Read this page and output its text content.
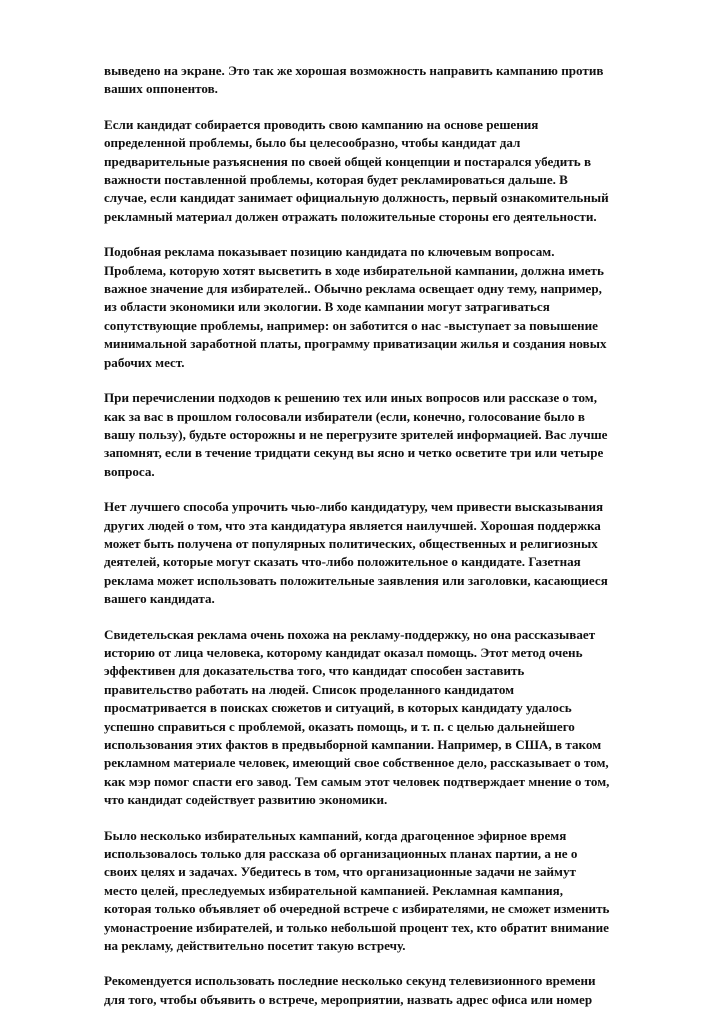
выведено на экране. Это так же хорошая возможность направить кампанию против
ваших оппонентов.
Если кандидат собирается проводить свою кампанию на основе решения
определенной проблемы, было бы целесообразно, чтобы кандидат дал
предварительные разъяснения по своей общей концепции и постарался убедить в
важности поставленной проблемы, которая будет рекламироваться дальше. В
случае, если кандидат занимает официальную должность, первый ознакомительный
рекламный материал должен отражать положительные стороны его деятельности.
Подобная реклама показывает позицию кандидата по ключевым вопросам.
Проблема, которую хотят высветить в ходе избирательной кампании, должна иметь
важное значение для избирателей.. Обычно реклама освещает одну тему, например,
из области экономики или экологии. В ходе кампании могут затрагиваться
сопутствующие проблемы, например: он заботится о нас -выступает за повышение
минимальной заработной платы, программу приватизации жилья и создания новых
рабочих мест.
При перечислении подходов к решению тех или иных вопросов или рассказе о том,
как за вас в прошлом голосовали избиратели (если, конечно, голосование было в
вашу пользу), будьте осторожны и не перегрузите зрителей информацией. Вас лучше
запомнят, если в течение тридцати секунд вы ясно и четко осветите три или четыре
вопроса.
Нет лучшего способа упрочить чью-либо кандидатуру, чем привести высказывания
других людей о том, что эта кандидатура является наилучшей. Хорошая поддержка
может быть получена от популярных политических, общественных и религиозных
деятелей, которые могут сказать что-либо положительное о кандидате. Газетная
реклама может использовать положительные заявления или заголовки, касающиеся
вашего кандидата.
Свидетельская реклама очень похожа на рекламу-поддержку, но она рассказывает
историю от лица человека, которому кандидат оказал помощь. Этот метод очень
эффективен для доказательства того, что кандидат способен заставить
правительство работать на людей. Список проделанного кандидатом
просматривается в поисках сюжетов и ситуаций, в которых кандидату удалось
успешно справиться с проблемой, оказать помощь, и т. п. с целью дальнейшего
использования этих фактов в предвыборной кампании. Например, в США, в таком
рекламном материале человек, имеющий свое собственное дело, рассказывает о том,
как мэр помог спасти его завод. Тем самым этот человек подтверждает мнение о том,
что кандидат содействует развитию экономики.
Было несколько избирательных кампаний, когда драгоценное эфирное время
использовалось только для рассказа об организационных планах партии, а не о
своих целях и задачах. Убедитесь в том, что организационные задачи не займут
место целей, преследуемых избирательной кампанией. Рекламная кампания,
которая только объявляет об очередной встрече с избирателями, не сможет изменить
умонастроение избирателей, и только небольшой процент тех, кто обратит внимание
на рекламу, действительно посетит такую встречу.
Рекомендуется использовать последние несколько секунд телевизионного времени
для того, чтобы объявить о встрече, мероприятии, назвать адрес офиса или номер
